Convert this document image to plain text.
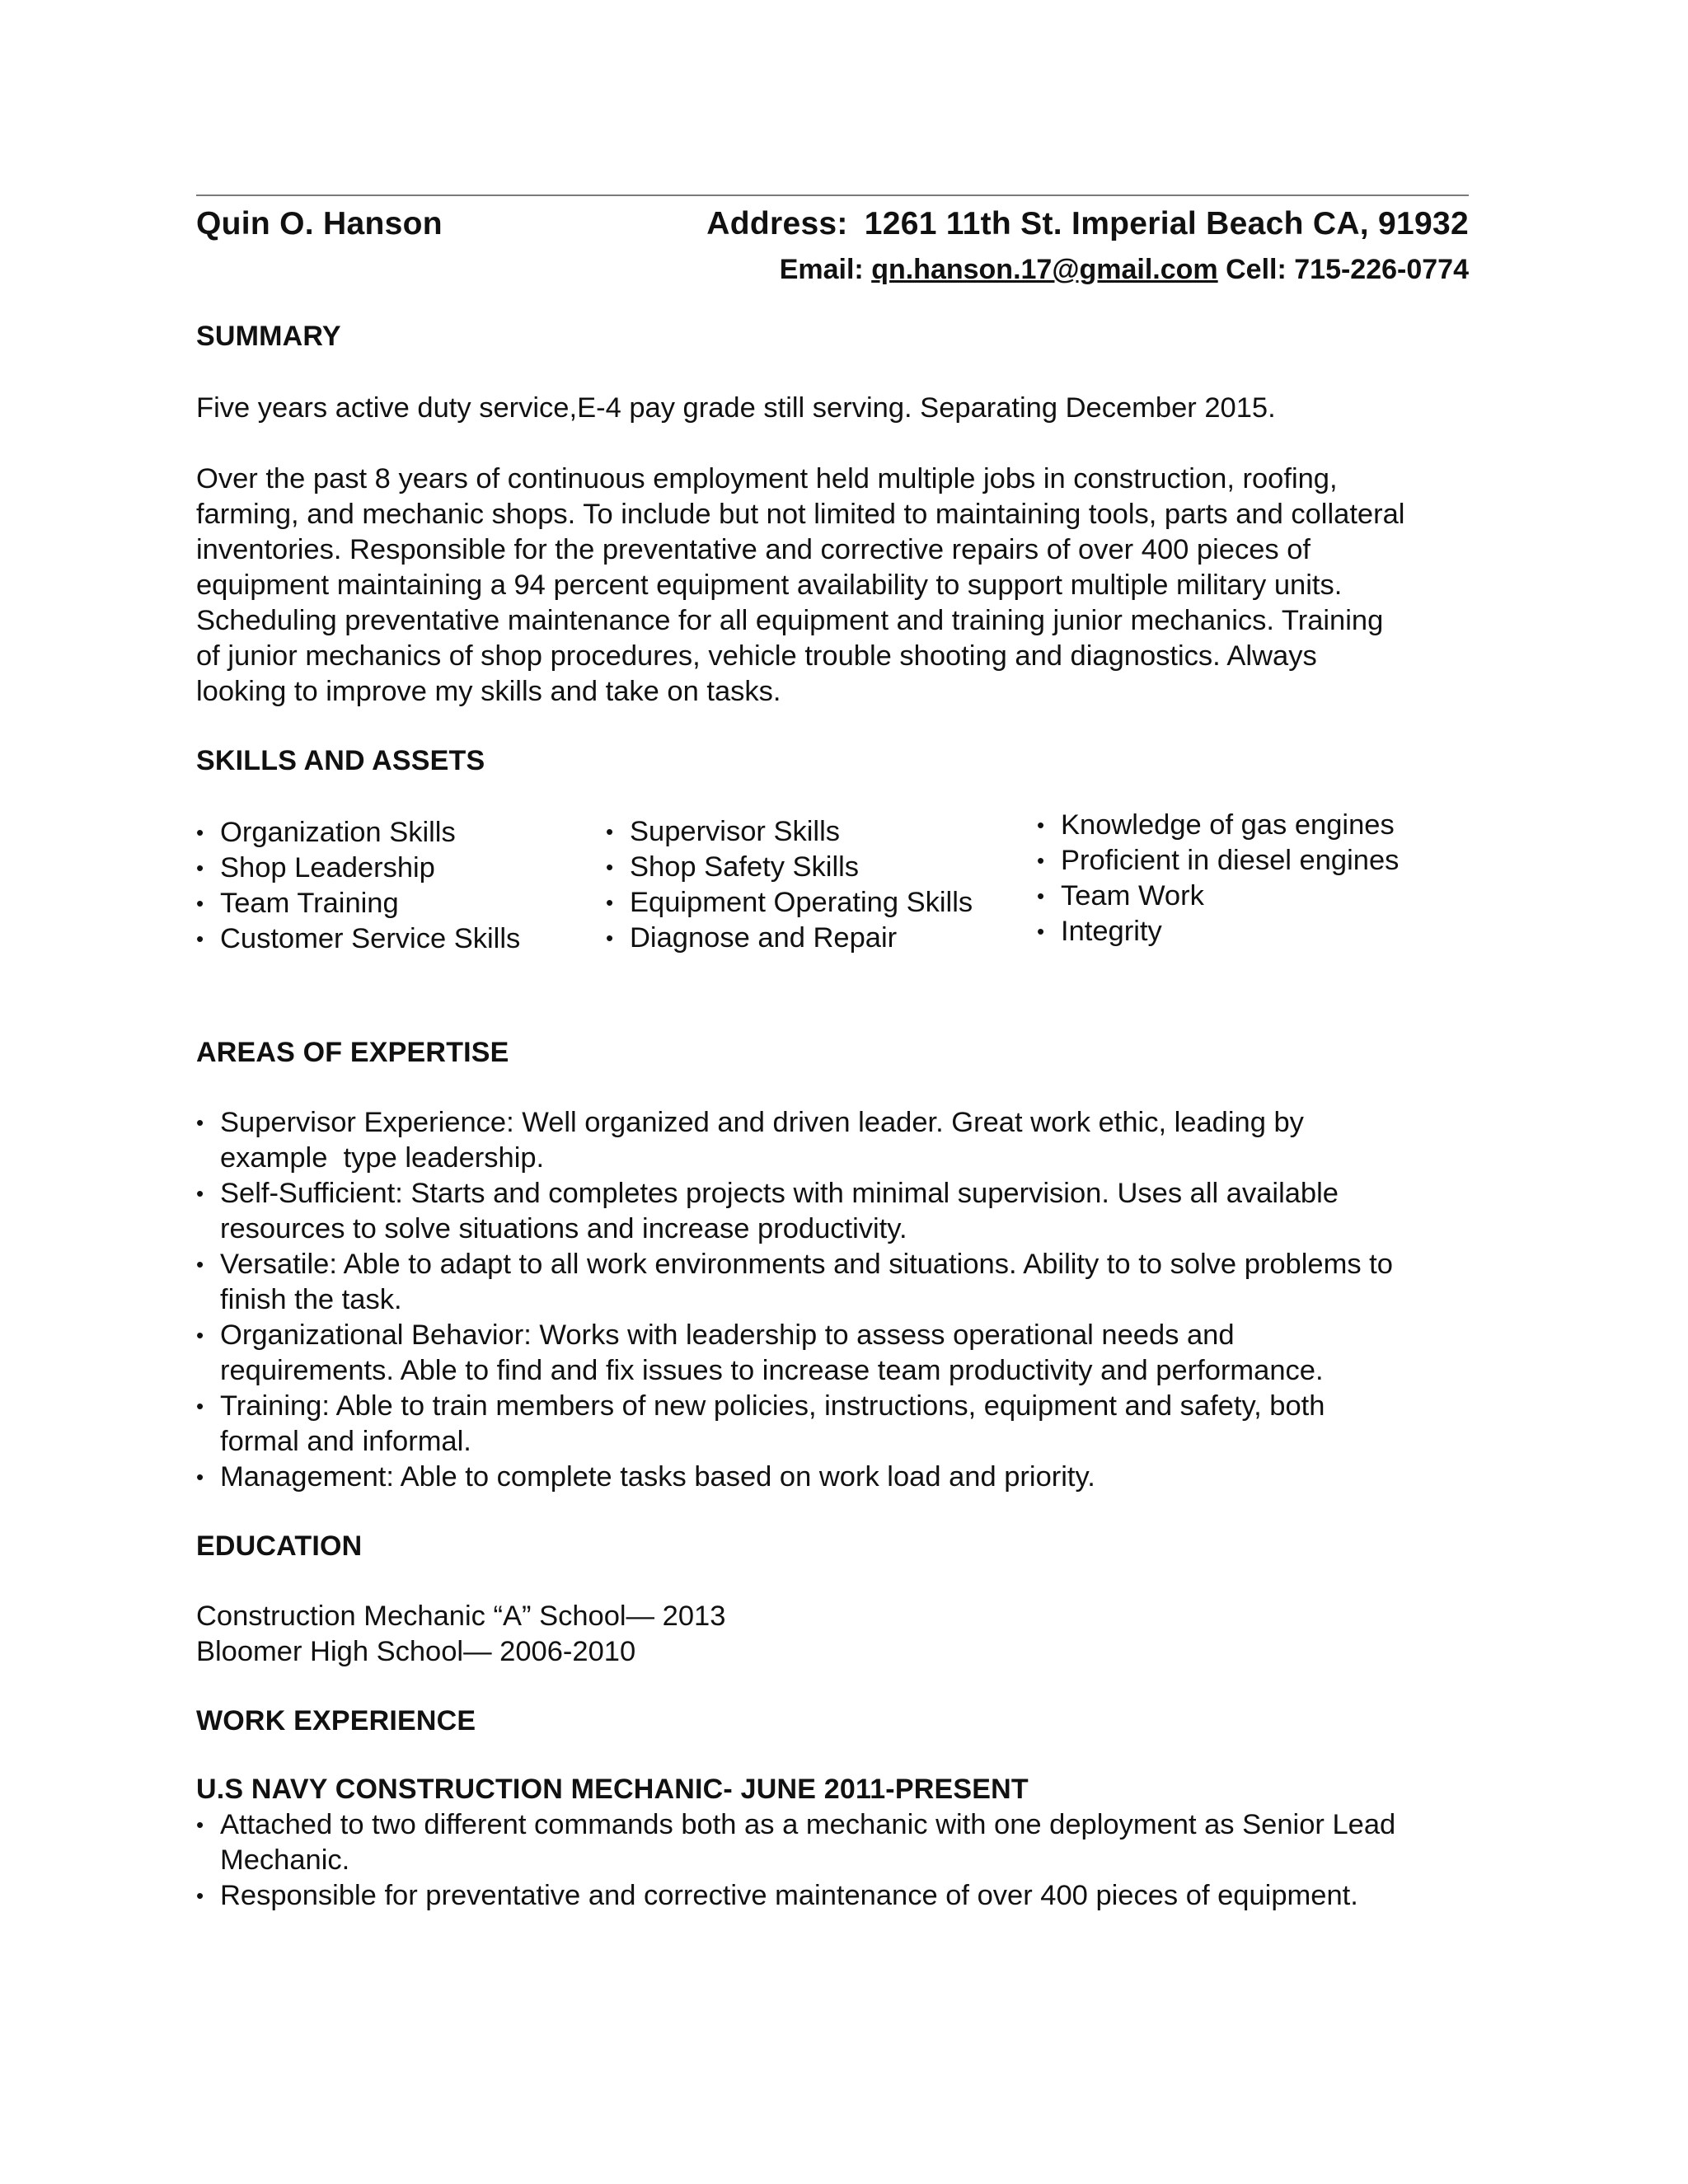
Quin O. Hanson	Address: 1261 11th St. Imperial Beach CA, 91932
Email: qn.hanson.17@gmail.com Cell: 715-226-0774
SUMMARY

Five years active duty service,E-4 pay grade still serving. Separating December 2015.

Over the past 8 years of continuous employment held multiple jobs in construction, roofing,

farming, and mechanic shops. To include but not limited to maintaining tools, parts and collateral

inventories. Responsible for the preventative and corrective repairs of over 400 pieces of

equipment maintaining a 94 percent equipment availability to support multiple military units.

Scheduling preventative maintenance for all equipment and training junior mechanics. Training

of junior mechanics of shop procedures, vehicle trouble shooting and diagnostics. Always

looking to improve my skills and take on tasks.

SKILLS AND ASSETS
• Organization Skills
• Shop Leadership
• Team Training
• Customer Service Skills
• Supervisor Skills
• Shop Safety Skills
• Equipment Operating Skills
• Diagnose and Repair
• Knowledge of gas engines
• Proficient in diesel engines
• Team Work
• Integrity
AREAS OF EXPERTISE
• Supervisor Experience: Well organized and driven leader. Great work ethic, leading by
example  type leadership.
• Self-Sufficient: Starts and completes projects with minimal supervision. Uses all available
resources to solve situations and increase productivity.
• Versatile: Able to adapt to all work environments and situations. Ability to to solve problems to
finish the task.
• Organizational Behavior: Works with leadership to assess operational needs and
requirements. Able to find and fix issues to increase team productivity and performance.
• Training: Able to train members of new policies, instructions, equipment and safety, both
formal and informal.
• Management: Able to complete tasks based on work load and priority.
EDUCATION

Construction Mechanic “A” School— 2013

Bloomer High School— 2006-2010

WORK EXPERIENCE
U.S NAVY CONSTRUCTION MECHANIC- JUNE 2011-PRESENT
• Attached to two different commands both as a mechanic with one deployment as Senior Lead
Mechanic.
• Responsible for preventative and corrective maintenance of over 400 pieces of equipment.
